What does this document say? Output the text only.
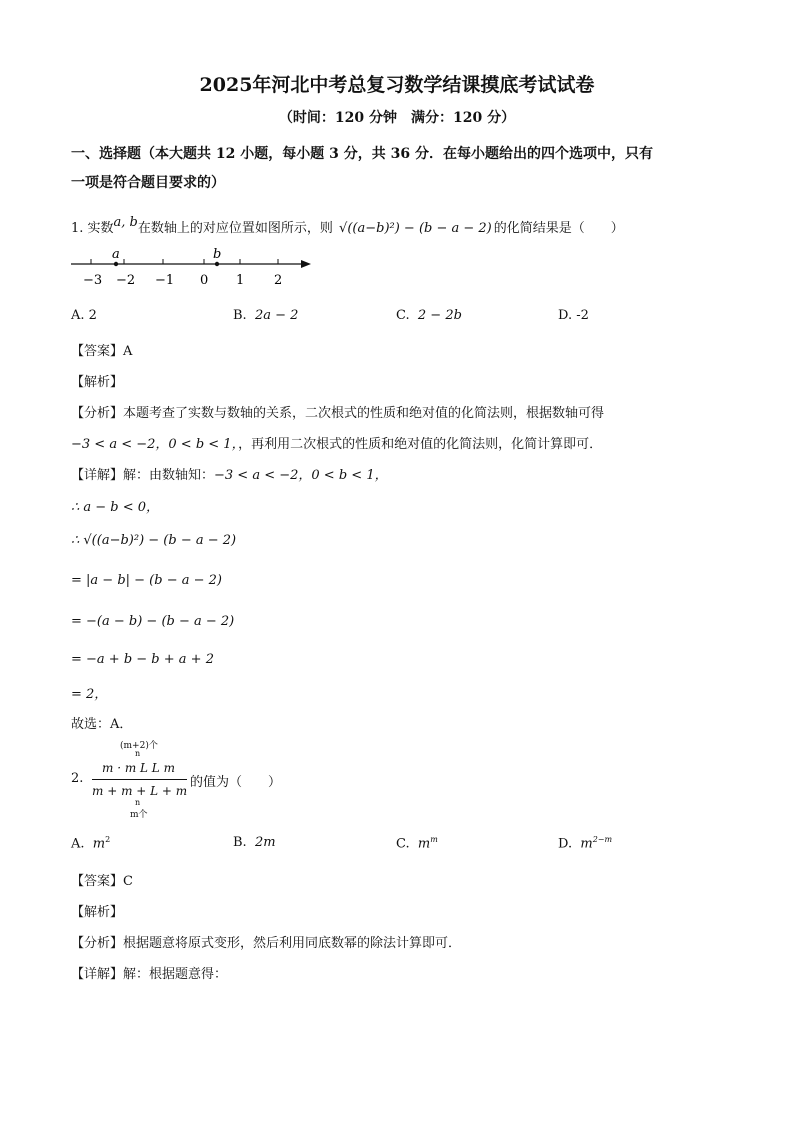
2025年河北中考总复习数学结课摸底考试试卷
（时间：120 分钟　满分：120 分）
一、选择题（本大题共 12 小题，每小题 3 分，共 36 分．在每小题给出的四个选项中，只有
一项是符合题目要求的）
1. 实数a, b在数轴上的对应位置如图所示，则 √((a−b)²) − (b − a − 2) 的化简结果是（　　）
a	b
−3 −2 −1 0 1 2
A. 2	B. 2a − 2	C. 2 − 2b	D. -2
【答案】A
【解析】
【分析】本题考查了实数与数轴的关系，二次根式的性质和绝对值的化简法则，根据数轴可得
−3 < a < −2，0 < b < 1，，再利用二次根式的性质和绝对值的化简法则，化简计算即可．
【详解】解：由数轴知：−3 < a < −2，0 < b < 1，
∴ a − b < 0，
∴ √((a−b)²) − (b − a − 2)
= |a − b| − (b − a − 2)
= −(a − b) − (b − a − 2)
= −a + b − b + a + 2
= 2，
故选：A．
2.
(m+2)个
n
m · m L L m
m + m + L + m
n
m个
的值为（　　）
A. $m^2$	B. 2m	C. $m^m$	D. $m^{2-m}$
【答案】C
【解析】
【分析】根据题意将原式变形，然后利用同底数幂的除法计算即可．
【详解】解：根据题意得：
